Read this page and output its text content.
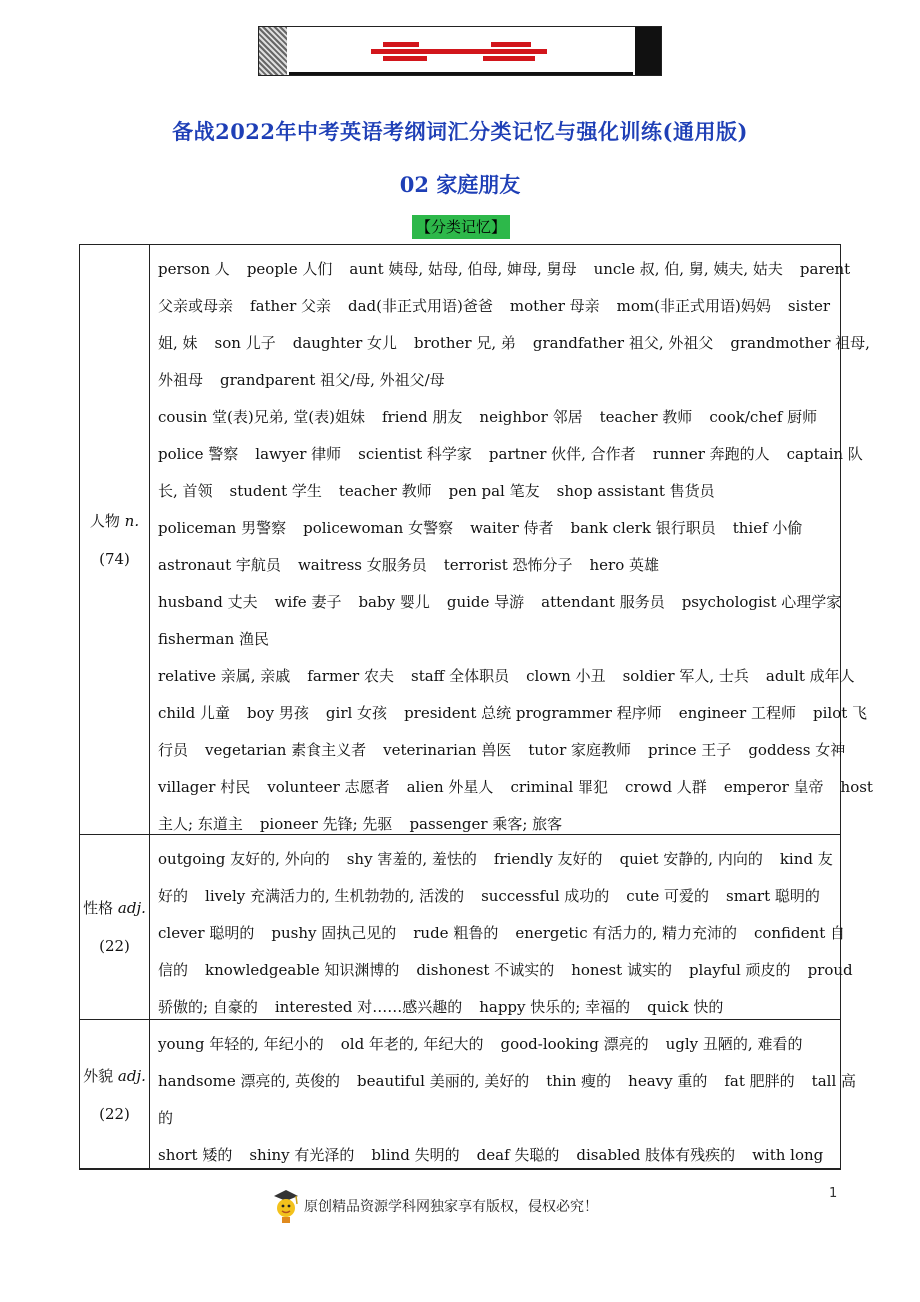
备战2022年中考英语考纲词汇分类记忆与强化训练(通用版)
02 家庭朋友
【分类记忆】
人物 n.
(74)
person 人 people 人们 aunt 姨母, 姑母, 伯母, 婶母, 舅母 uncle 叔, 伯, 舅, 姨夫, 姑夫 parent
父亲或母亲 father 父亲 dad(非正式用语)爸爸 mother 母亲 mom(非正式用语)妈妈 sister
姐, 妹 son 儿子 daughter 女儿 brother 兄, 弟 grandfather 祖父, 外祖父 grandmother 祖母,
外祖母 grandparent 祖父/母, 外祖父/母
cousin 堂(表)兄弟, 堂(表)姐妹 friend 朋友 neighbor 邻居 teacher 教师 cook/chef 厨师
police 警察 lawyer 律师 scientist 科学家 partner 伙伴, 合作者 runner 奔跑的人 captain 队
长, 首领 student 学生 teacher 教师 pen pal 笔友 shop assistant 售货员
policeman 男警察 policewoman 女警察 waiter 侍者 bank clerk 银行职员 thief 小偷
astronaut 宇航员 waitress 女服务员 terrorist 恐怖分子 hero 英雄
husband 丈夫 wife 妻子 baby 婴儿 guide 导游 attendant 服务员 psychologist 心理学家
fisherman 渔民
relative 亲属, 亲戚 farmer 农夫 staff 全体职员 clown 小丑 soldier 军人, 士兵 adult 成年人
child 儿童 boy 男孩 girl 女孩 president 总统 programmer 程序师 engineer 工程师 pilot 飞
行员 vegetarian 素食主义者 veterinarian 兽医 tutor 家庭教师 prince 王子 goddess 女神
villager 村民 volunteer 志愿者 alien 外星人 criminal 罪犯 crowd 人群 emperor 皇帝 host
主人; 东道主 pioneer 先锋; 先驱 passenger 乘客; 旅客
性格 adj.
(22)
outgoing 友好的, 外向的 shy 害羞的, 羞怯的 friendly 友好的 quiet 安静的, 内向的 kind 友
好的 lively 充满活力的, 生机勃勃的, 活泼的 successful 成功的 cute 可爱的 smart 聪明的
clever 聪明的 pushy 固执己见的 rude 粗鲁的 energetic 有活力的, 精力充沛的 confident 自
信的 knowledgeable 知识渊博的 dishonest 不诚实的 honest 诚实的 playful 顽皮的 proud
骄傲的; 自豪的 interested 对……感兴趣的 happy 快乐的; 幸福的 quick 快的
外貌 adj.
(22)
young 年轻的, 年纪小的 old 年老的, 年纪大的 good-looking 漂亮的 ugly 丑陋的, 难看的
handsome 漂亮的, 英俊的 beautiful 美丽的, 美好的 thin 瘦的 heavy 重的 fat 肥胖的 tall 高
的
short 矮的 shiny 有光泽的 blind 失明的 deaf 失聪的 disabled 肢体有残疾的 with long
原创精品资源学科网独家享有版权，侵权必究！
1
